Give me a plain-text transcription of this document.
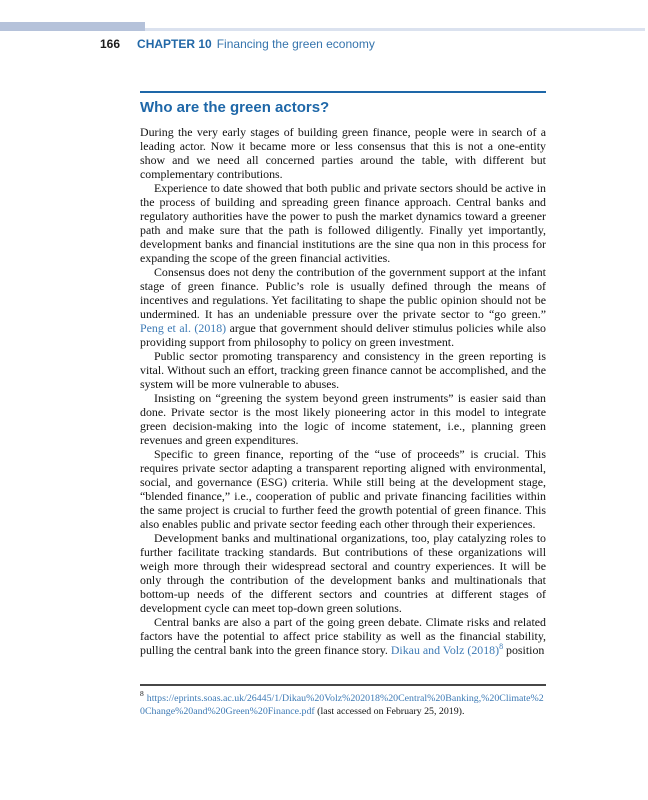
166 CHAPTER 10 Financing the green economy
Who are the green actors?

During the very early stages of building green finance, people were in search of a leading actor. Now it became more or less consensus that this is not a one-entity show and we need all concerned parties around the table, with different but complementary contributions.

Experience to date showed that both public and private sectors should be active in the process of building and spreading green finance approach. Central banks and regulatory authorities have the power to push the market dynamics toward a greener path and make sure that the path is followed diligently. Finally yet importantly, development banks and financial institutions are the sine qua non in this process for expanding the scope of the green financial activities.

Consensus does not deny the contribution of the government support at the infant stage of green finance. Public’s role is usually defined through the means of incentives and regulations. Yet facilitating to shape the public opinion should not be undermined. It has an undeniable pressure over the private sector to “go green.” Peng et al. (2018) argue that government should deliver stimulus policies while also providing support from philosophy to policy on green investment.

Public sector promoting transparency and consistency in the green reporting is vital. Without such an effort, tracking green finance cannot be accomplished, and the system will be more vulnerable to abuses.

Insisting on “greening the system beyond green instruments” is easier said than done. Private sector is the most likely pioneering actor in this model to integrate green decision-making into the logic of income statement, i.e., planning green revenues and green expenditures.

Specific to green finance, reporting of the “use of proceeds” is crucial. This requires private sector adapting a transparent reporting aligned with environmental, social, and governance (ESG) criteria. While still being at the development stage, “blended finance,” i.e., cooperation of public and private financing facilities within the same project is crucial to further feed the growth potential of green finance. This also enables public and private sector feeding each other through their experiences.

Development banks and multinational organizations, too, play catalyzing roles to further facilitate tracking standards. But contributions of these organizations will weigh more through their widespread sectoral and country experiences. It will be only through the contribution of the development banks and multinationals that bottom-up needs of the different sectors and countries at different stages of development cycle can meet top-down green solutions.

Central banks are also a part of the going green debate. Climate risks and related factors have the potential to affect price stability as well as the financial stability, pulling the central bank into the green finance story. Dikau and Volz (2018)$^8$ position

$^8$ https://eprints.soas.ac.uk/26445/1/Dikau%20Volz%202018%20Central%20Banking,%20Climate%20Change%20and%20Green%20Finance.pdf (last accessed on February 25, 2019).
